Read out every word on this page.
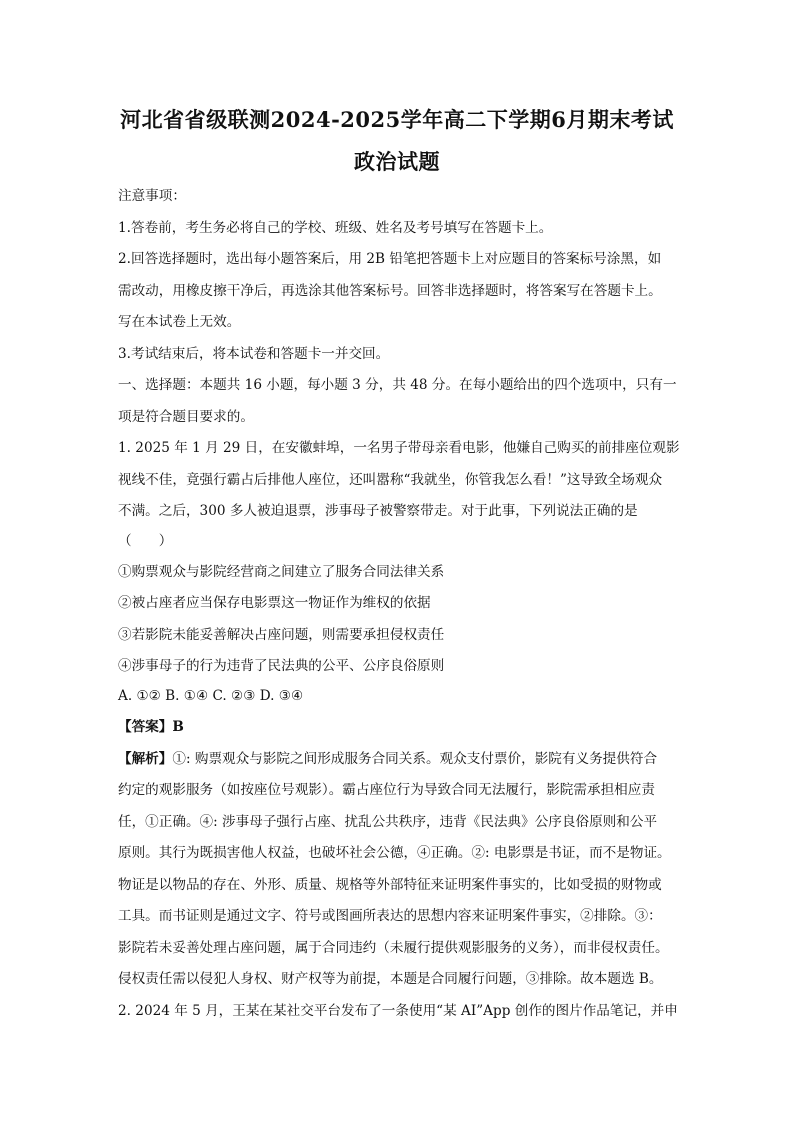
河北省省级联测2024-2025学年高二下学期6月期末考试
政治试题
注意事项：
1.答卷前，考生务必将自己的学校、班级、姓名及考号填写在答题卡上。
2.回答选择题时，选出每小题答案后，用 2B 铅笔把答题卡上对应题目的答案标号涂黑，如
需改动，用橡皮擦干净后，再选涂其他答案标号。回答非选择题时，将答案写在答题卡上。
写在本试卷上无效。
3.考试结束后，将本试卷和答题卡一并交回。
一、选择题：本题共 16 小题，每小题 3 分，共 48 分。在每小题给出的四个选项中，只有一
项是符合题目要求的。
1. 2025 年 1 月 29 日，在安徽蚌埠，一名男子带母亲看电影，他嫌自己购买的前排座位观影
视线不佳，竟强行霸占后排他人座位，还叫嚣称“我就坐，你管我怎么看！”这导致全场观众
不满。之后，300 多人被迫退票，涉事母子被警察带走。对于此事，下列说法正确的是
（　　）
①购票观众与影院经营商之间建立了服务合同法律关系
②被占座者应当保存电影票这一物证作为维权的依据
③若影院未能妥善解决占座问题，则需要承担侵权责任
④涉事母子的行为违背了民法典的公平、公序良俗原则
A. ①② B. ①④ C. ②③ D. ③④
【答案】B
【解析】①: 购票观众与影院之间形成服务合同关系。观众支付票价，影院有义务提供符合
约定的观影服务（如按座位号观影）。霸占座位行为导致合同无法履行，影院需承担相应责
任，①正确。④: 涉事母子强行占座、扰乱公共秩序，违背《民法典》公序良俗原则和公平
原则。其行为既损害他人权益，也破坏社会公德，④正确。②: 电影票是书证，而不是物证。
物证是以物品的存在、外形、质量、规格等外部特征来证明案件事实的，比如受损的财物或
工具。而书证则是通过文字、符号或图画所表达的思想内容来证明案件事实，②排除。③：
影院若未妥善处理占座问题，属于合同违约（未履行提供观影服务的义务），而非侵权责任。
侵权责任需以侵犯人身权、财产权等为前提，本题是合同履行问题，③排除。故本题选 B。
2. 2024 年 5 月，王某在某社交平台发布了一条使用“某 AI”App 创作的图片作品笔记，并申
